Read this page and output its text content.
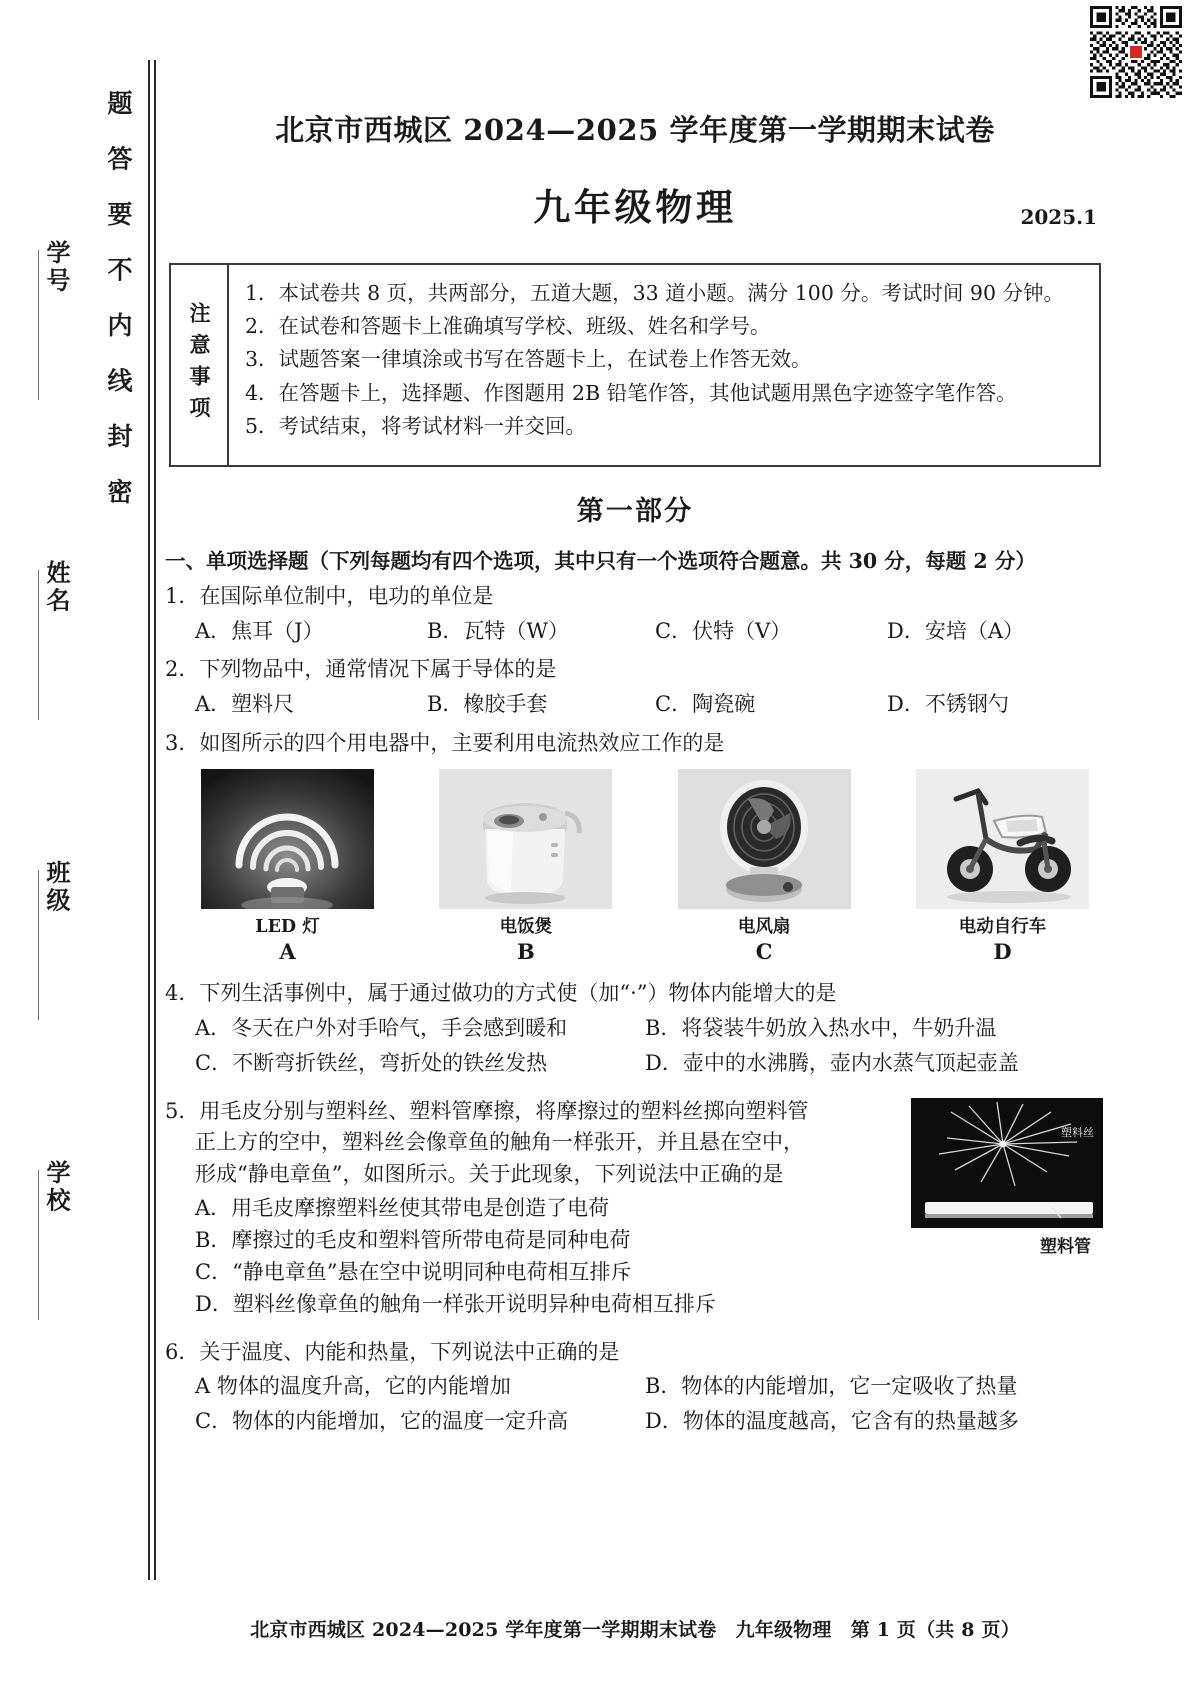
题答要不内线封密
学号
姓名
班级
学校
北京市西城区 2024—2025 学年度第一学期期末试卷
九年级物理	2025.1
注意事项
1．本试卷共 8 页，共两部分，五道大题，33 道小题。满分 100 分。考试时间 90 分钟。
2．在试卷和答题卡上准确填写学校、班级、姓名和学号。
3．试题答案一律填涂或书写在答题卡上，在试卷上作答无效。
4．在答题卡上，选择题、作图题用 2B 铅笔作答，其他试题用黑色字迹签字笔作答。
5．考试结束，将考试材料一并交回。
第一部分
一、单项选择题（下列每题均有四个选项，其中只有一个选项符合题意。共 30 分，每题 2 分）
1． 在国际单位制中，电功的单位是
A．焦耳（J）	B．瓦特（W）	C．伏特（V）	D．安培（A）
2． 下列物品中，通常情况下属于导体的是
A．塑料尺	B．橡胶手套	C．陶瓷碗	D．不锈钢勺
3． 如图所示的四个用电器中，主要利用电流热效应工作的是
LED 灯
A
电饭煲
B
电风扇
C
电动自行车
D
4． 下列生活事例中，属于通过做功的方式使（加“·”）物体内能增大的是
A．冬天在户外对手哈气，手会感到暖和	B．将袋装牛奶放入热水中，牛奶升温
C．不断弯折铁丝，弯折处的铁丝发热	D．壶中的水沸腾，壶内水蒸气顶起壶盖
塑料丝
塑料管
5． 用毛皮分别与塑料丝、塑料管摩擦，将摩擦过的塑料丝掷向塑料管
正上方的空中，塑料丝会像章鱼的触角一样张开，并且悬在空中，
形成“静电章鱼”，如图所示。关于此现象，下列说法中正确的是
A．用毛皮摩擦塑料丝使其带电是创造了电荷
B．摩擦过的毛皮和塑料管所带电荷是同种电荷
C．“静电章鱼”悬在空中说明同种电荷相互排斥
D．塑料丝像章鱼的触角一样张开说明异种电荷相互排斥
6． 关于温度、内能和热量，下列说法中正确的是
A 物体的温度升高，它的内能增加	B．物体的内能增加，它一定吸收了热量
C．物体的内能增加，它的温度一定升高	D．物体的温度越高，它含有的热量越多
北京市西城区 2024—2025 学年度第一学期期末试卷　九年级物理　第 1 页（共 8 页）
